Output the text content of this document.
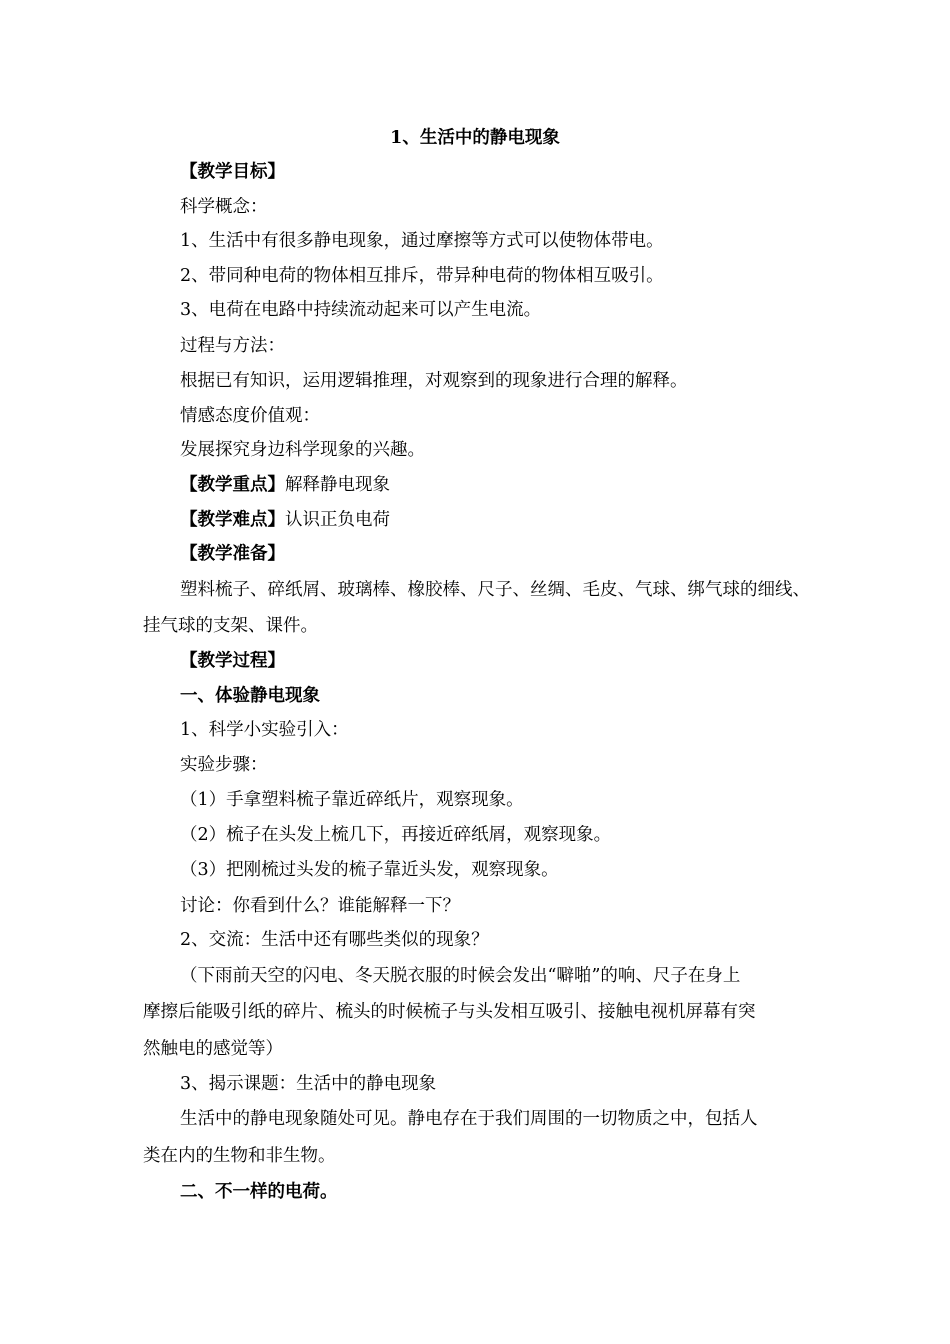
1、生活中的静电现象
【教学目标】
科学概念：
1、生活中有很多静电现象，通过摩擦等方式可以使物体带电。
2、带同种电荷的物体相互排斥，带异种电荷的物体相互吸引。
3、电荷在电路中持续流动起来可以产生电流。
过程与方法：
根据已有知识，运用逻辑推理，对观察到的现象进行合理的解释。
情感态度价值观：
发展探究身边科学现象的兴趣。
【教学重点】解释静电现象
【教学难点】认识正负电荷
【教学准备】
塑料梳子、碎纸屑、玻璃棒、橡胶棒、尺子、丝绸、毛皮、气球、绑气球的细线、
挂气球的支架、课件。
【教学过程】
一、体验静电现象
1、科学小实验引入：
实验步骤：
（1）手拿塑料梳子靠近碎纸片，观察现象。
（2）梳子在头发上梳几下，再接近碎纸屑，观察现象。
（3）把刚梳过头发的梳子靠近头发，观察现象。
讨论：你看到什么？谁能解释一下？
2、交流：生活中还有哪些类似的现象？
（下雨前天空的闪电、冬天脱衣服的时候会发出“噼啪”的响、尺子在身上
摩擦后能吸引纸的碎片、梳头的时候梳子与头发相互吸引、接触电视机屏幕有突
然触电的感觉等）
3、揭示课题：生活中的静电现象
生活中的静电现象随处可见。静电存在于我们周围的一切物质之中，包括人
类在内的生物和非生物。
二、不一样的电荷。
